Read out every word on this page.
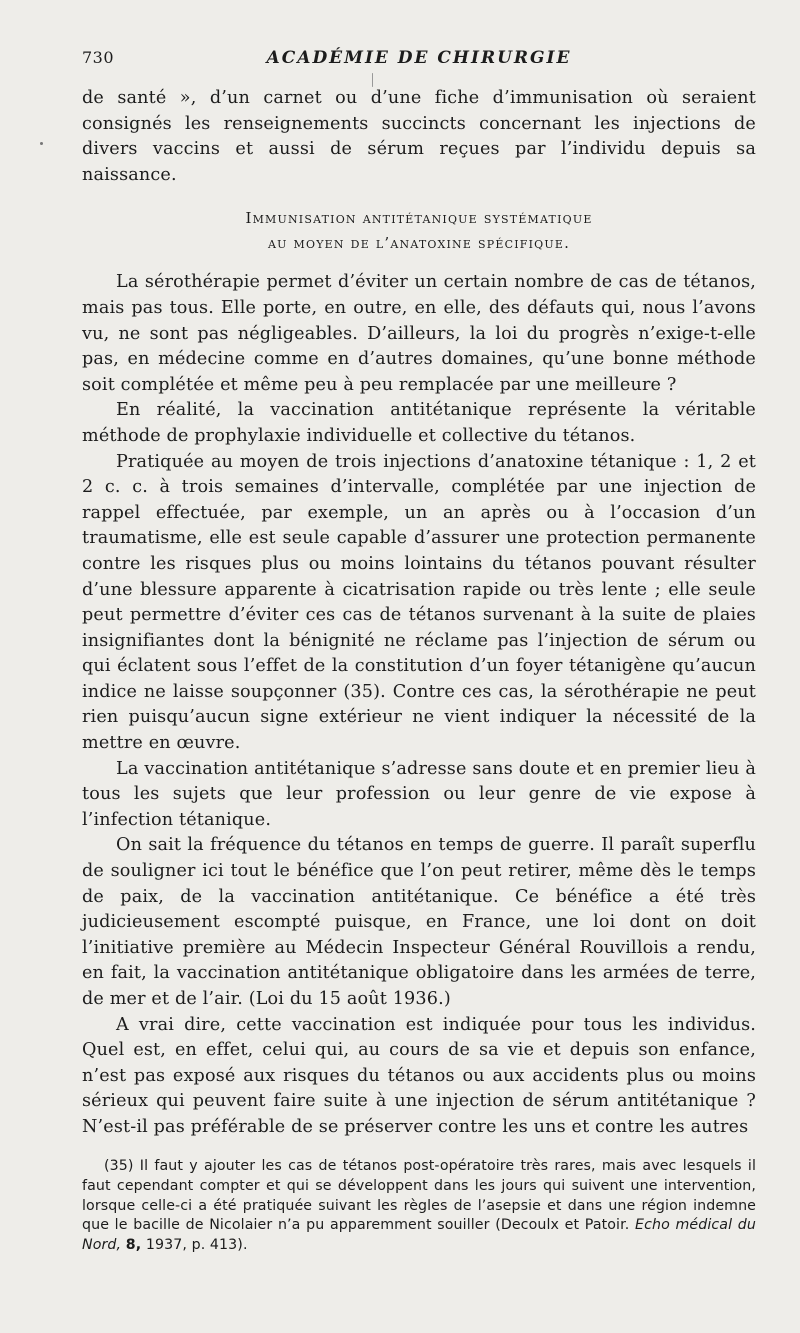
730	ACADÉMIE DE CHIRURGIE

de santé », d’un carnet ou d’une fiche d’immunisation où seraient consignés les renseignements succincts concernant les injections de divers vaccins et aussi de sérum reçues par l’individu depuis sa naissance.

Immunisation antitétanique systématique
au moyen de l’anatoxine spécifique.

La sérothérapie permet d’éviter un certain nombre de cas de tétanos, mais pas tous. Elle porte, en outre, en elle, des défauts qui, nous l’avons vu, ne sont pas négligeables. D’ailleurs, la loi du progrès n’exige-t-elle pas, en médecine comme en d’autres domaines, qu’une bonne méthode soit complétée et même peu à peu remplacée par une meilleure ?

En réalité, la vaccination antitétanique représente la véritable méthode de prophylaxie individuelle et collective du tétanos.

Pratiquée au moyen de trois injections d’anatoxine tétanique : 1, 2 et 2 c. c. à trois semaines d’intervalle, complétée par une injection de rappel effectuée, par exemple, un an après ou à l’occasion d’un traumatisme, elle est seule capable d’assurer une protection permanente contre les risques plus ou moins lointains du tétanos pouvant résulter d’une blessure apparente à cicatrisation rapide ou très lente ; elle seule peut permettre d’éviter ces cas de tétanos survenant à la suite de plaies insignifiantes dont la bénignité ne réclame pas l’injection de sérum ou qui éclatent sous l’effet de la constitution d’un foyer tétanigène qu’aucun indice ne laisse soupçonner (35). Contre ces cas, la sérothérapie ne peut rien puisqu’aucun signe extérieur ne vient indiquer la nécessité de la mettre en œuvre.

La vaccination antitétanique s’adresse sans doute et en premier lieu à tous les sujets que leur profession ou leur genre de vie expose à l’infection tétanique.

On sait la fréquence du tétanos en temps de guerre. Il paraît superflu de souligner ici tout le bénéfice que l’on peut retirer, même dès le temps de paix, de la vaccination antitétanique. Ce bénéfice a été très judicieusement escompté puisque, en France, une loi dont on doit l’initiative première au Médecin Inspecteur Général Rouvillois a rendu, en fait, la vaccination antitétanique obligatoire dans les armées de terre, de mer et de l’air. (Loi du 15 août 1936.)

A vrai dire, cette vaccination est indiquée pour tous les individus. Quel est, en effet, celui qui, au cours de sa vie et depuis son enfance, n’est pas exposé aux risques du tétanos ou aux accidents plus ou moins sérieux qui peuvent faire suite à une injection de sérum antitétanique ? N’est-il pas préférable de se préserver contre les uns et contre les autres

(35) Il faut y ajouter les cas de tétanos post-opératoire très rares, mais avec lesquels il faut cependant compter et qui se développent dans les jours qui suivent une intervention, lorsque celle-ci a été pratiquée suivant les règles de l’asepsie et dans une région indemne que le bacille de Nicolaier n’a pu apparemment souiller (Decoulx et Patoir. Echo médical du Nord, 8, 1937, p. 413).
